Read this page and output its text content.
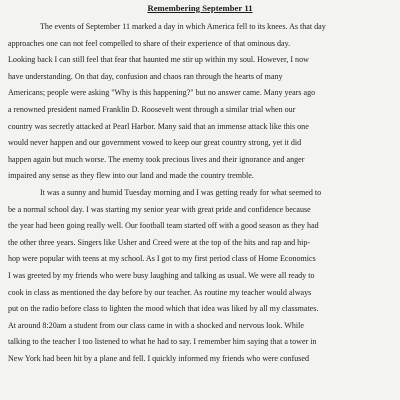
Remembering September 11
The events of September 11 marked a day in which America fell to its knees. As that day
approaches one can not feel compelled to share of their experience of that ominous day.
Looking back I can still feel that fear that haunted me stir up within my soul. However, I now
have understanding. On that day, confusion and chaos ran through the hearts of many
Americans; people were asking "Why is this happening?" but no answer came. Many years ago
a renowned president named Franklin D. Roosevelt went through a similar trial when our
country was secretly attacked at Pearl Harbor. Many said that an immense attack like this one
would never happen and our government vowed to keep our great country strong, yet it did
happen again but much worse. The enemy took precious lives and their ignorance and anger
impaired any sense as they flew into our land and made the country tremble.
It was a sunny and humid Tuesday morning and I was getting ready for what seemed to
be a normal school day. I was starting my senior year with great pride and confidence because
the year had been going really well. Our football team started off with a good season as they had
the other three years. Singers like Usher and Creed were at the top of the hits and rap and hip-
hop were popular with teens at my school. As I got to my first period class of Home Economics
I was greeted by my friends who were busy laughing and talking as usual. We were all ready to
cook in class as mentioned the day before by our teacher. As routine my teacher would always
put on the radio before class to lighten the mood which that idea was liked by all my classmates.
At around 8:20am a student from our class came in with a shocked and nervous look. While
talking to the teacher I too listened to what he had to say. I remember him saying that a tower in
New York had been hit by a plane and fell. I quickly informed my friends who were confused
